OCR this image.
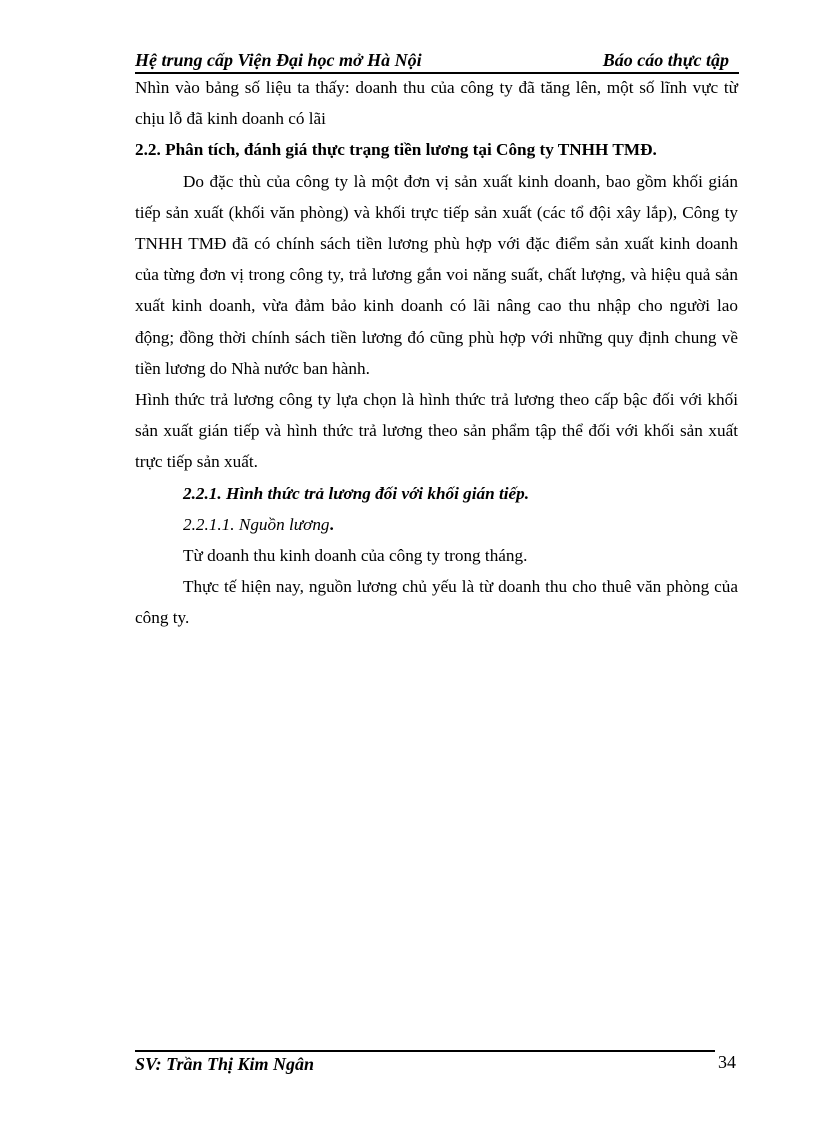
Hệ trung cấp Viện Đại học mở Hà Nội	Báo cáo thực tập

Nhìn vào bảng số liệu ta thấy: doanh thu của công ty đã tăng lên, một số lĩnh vực từ chịu lỗ đã kinh doanh có lãi

2.2. Phân tích, đánh giá thực trạng tiền lương tại Công ty TNHH TMĐ.

Do đặc thù của công ty là một đơn vị sản xuất kinh doanh, bao gồm khối gián tiếp sản xuất (khối văn phòng) và khối trực tiếp sản xuất (các tổ đội xây lắp), Công ty TNHH TMĐ đã có chính sách tiền lương phù hợp với đặc điểm sản xuất kinh doanh của từng đơn vị trong công ty, trả lương gắn voi năng suất, chất lượng, và hiệu quả sản xuất kinh doanh, vừa đảm bảo kinh doanh có lãi nâng cao thu nhập cho người lao động; đồng thời chính sách tiền lương đó cũng phù hợp với những quy định chung về tiền lương do Nhà nước ban hành.

Hình thức trả lương công ty lựa chọn là hình thức trả lương theo cấp bậc đối với khối sản xuất gián tiếp và hình thức trả lương theo sản phẩm tập thể đối với khối sản xuất trực tiếp sản xuất.

2.2.1. Hình thức trả lương đối với khối gián tiếp.

2.2.1.1. Nguồn lương.

Từ doanh thu kinh doanh của công ty trong tháng.

Thực tế hiện nay, nguồn lương chủ yếu là từ doanh thu cho thuê văn phòng của công ty.

SV: Trần Thị Kim Ngân	34
